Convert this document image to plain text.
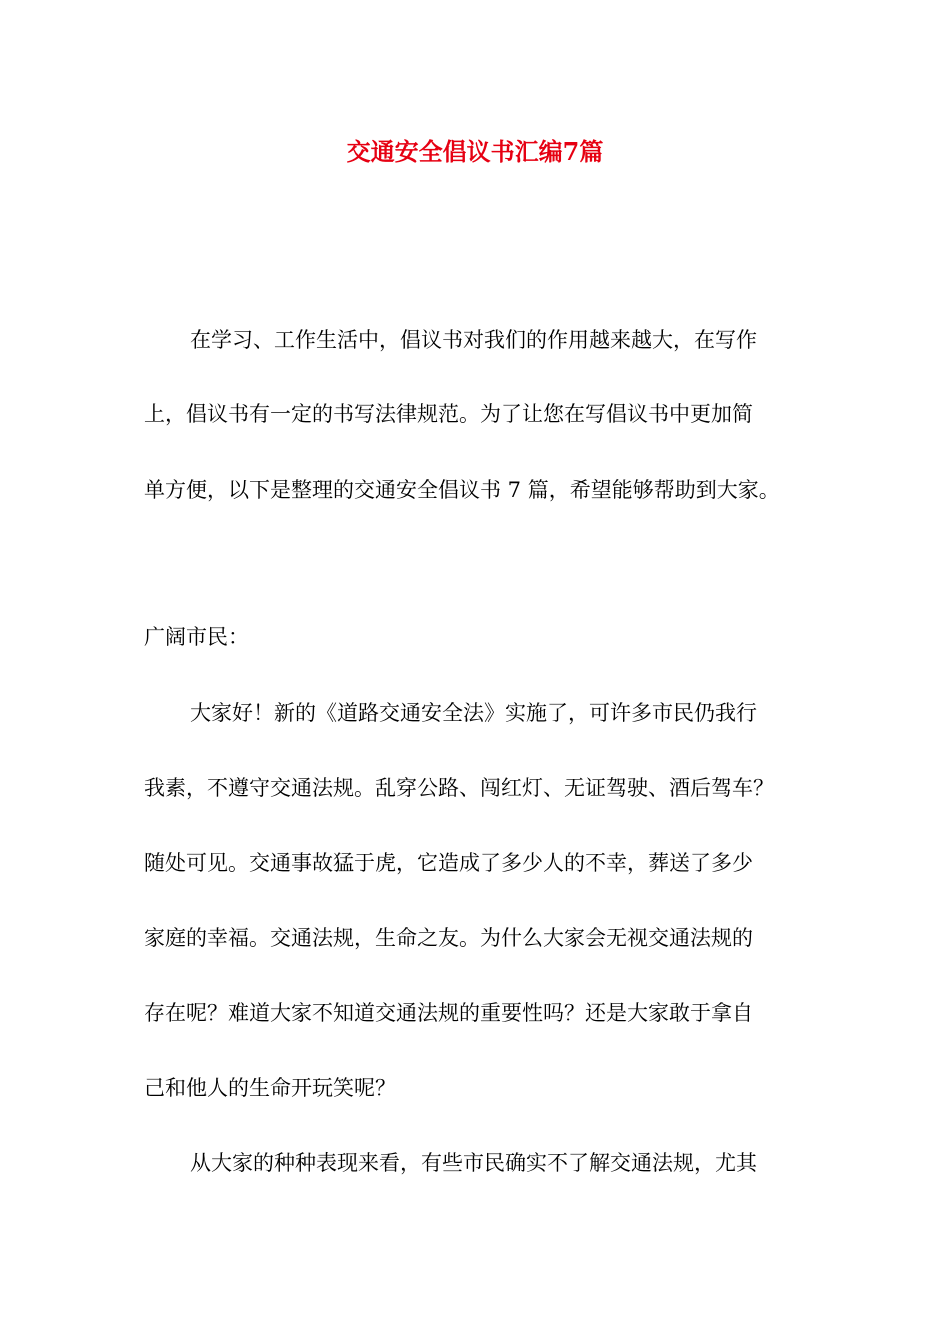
交通安全倡议书汇编7篇

在学习、工作生活中，倡议书对我们的作用越来越大，在写作

上，倡议书有一定的书写法律规范。为了让您在写倡议书中更加简

单方便，以下是整理的交通安全倡议书 7 篇，希望能够帮助到大家。

广阔市民：

大家好！新的《道路交通安全法》实施了，可许多市民仍我行

我素，不遵守交通法规。乱穿公路、闯红灯、无证驾驶、酒后驾车？

随处可见。交通事故猛于虎，它造成了多少人的不幸，葬送了多少

家庭的幸福。交通法规，生命之友。为什么大家会无视交通法规的

存在呢？难道大家不知道交通法规的重要性吗？还是大家敢于拿自

己和他人的生命开玩笑呢？

从大家的种种表现来看，有些市民确实不了解交通法规，尤其
